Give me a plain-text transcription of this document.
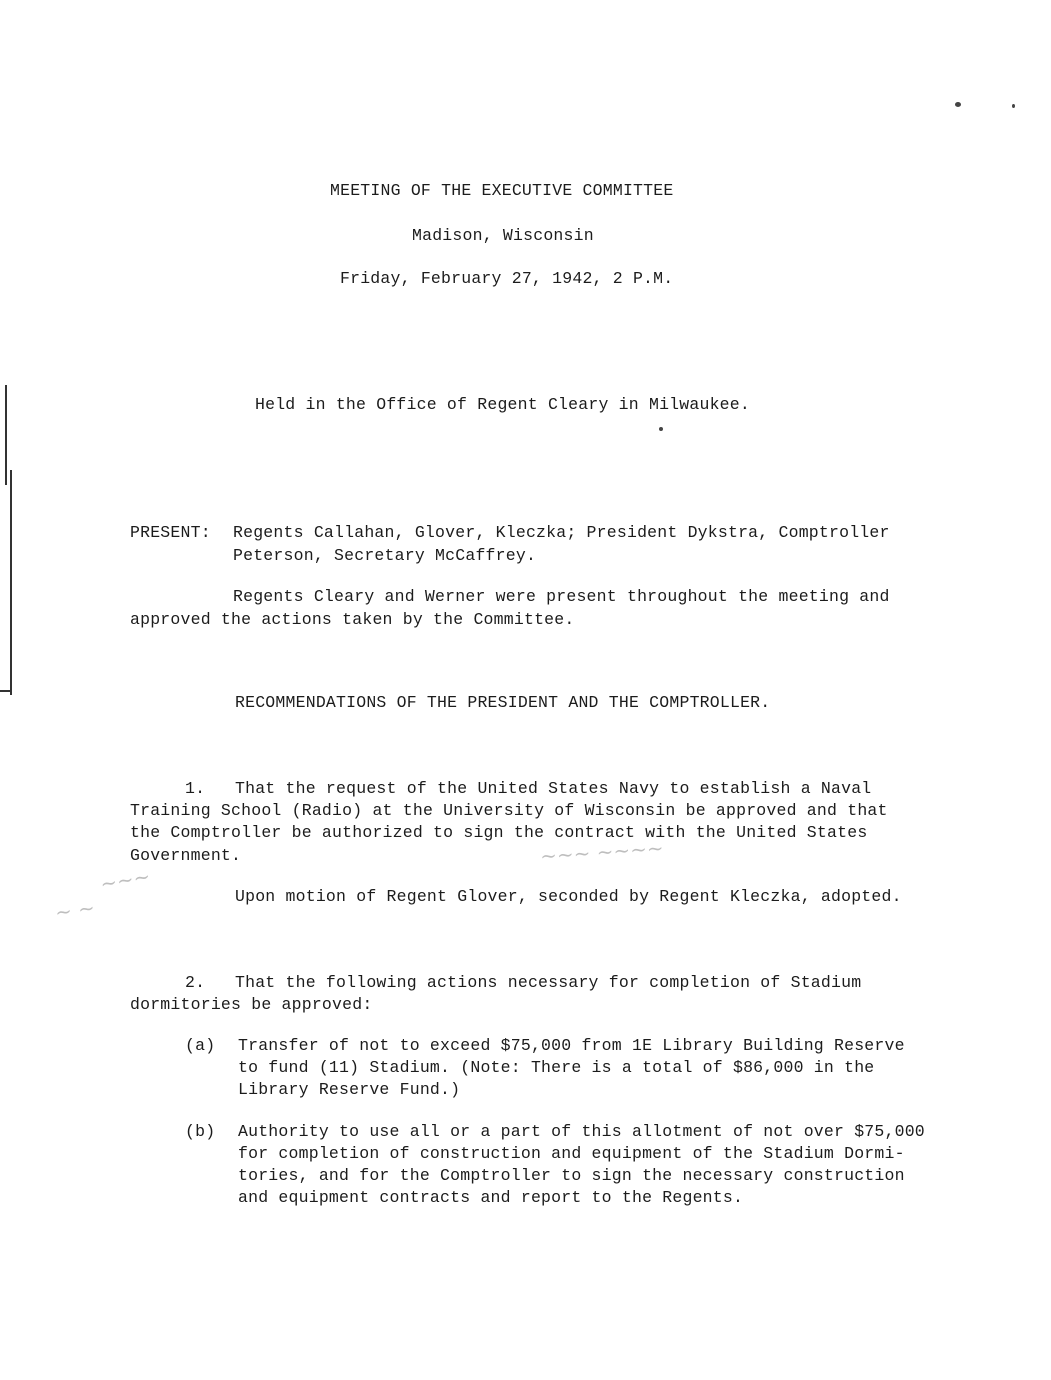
MEETING OF THE EXECUTIVE COMMITTEE
Madison, Wisconsin
Friday, February 27, 1942, 2 P.M.
Held in the Office of Regent Cleary in Milwaukee.
PRESENT: Regents Callahan, Glover, Kleczka; President Dykstra, Comptroller
Peterson, Secretary McCaffrey.
Regents Cleary and Werner were present throughout the meeting and
approved the actions taken by the Committee.
RECOMMENDATIONS OF THE PRESIDENT AND THE COMPTROLLER.
1. That the request of the United States Navy to establish a Naval
Training School (Radio) at the University of Wisconsin be approved and that
the Comptroller be authorized to sign the contract with the United States
Government.
Upon motion of Regent Glover, seconded by Regent Kleczka, adopted.
~~~ ~~~~
~~~
~ ~
2. That the following actions necessary for completion of Stadium
dormitories be approved:
(a) Transfer of not to exceed $75,000 from 1E Library Building Reserve
to fund (11) Stadium. (Note: There is a total of $86,000 in the
Library Reserve Fund.)
(b) Authority to use all or a part of this allotment of not over $75,000
for completion of construction and equipment of the Stadium Dormi-
tories, and for the Comptroller to sign the necessary construction
and equipment contracts and report to the Regents.
